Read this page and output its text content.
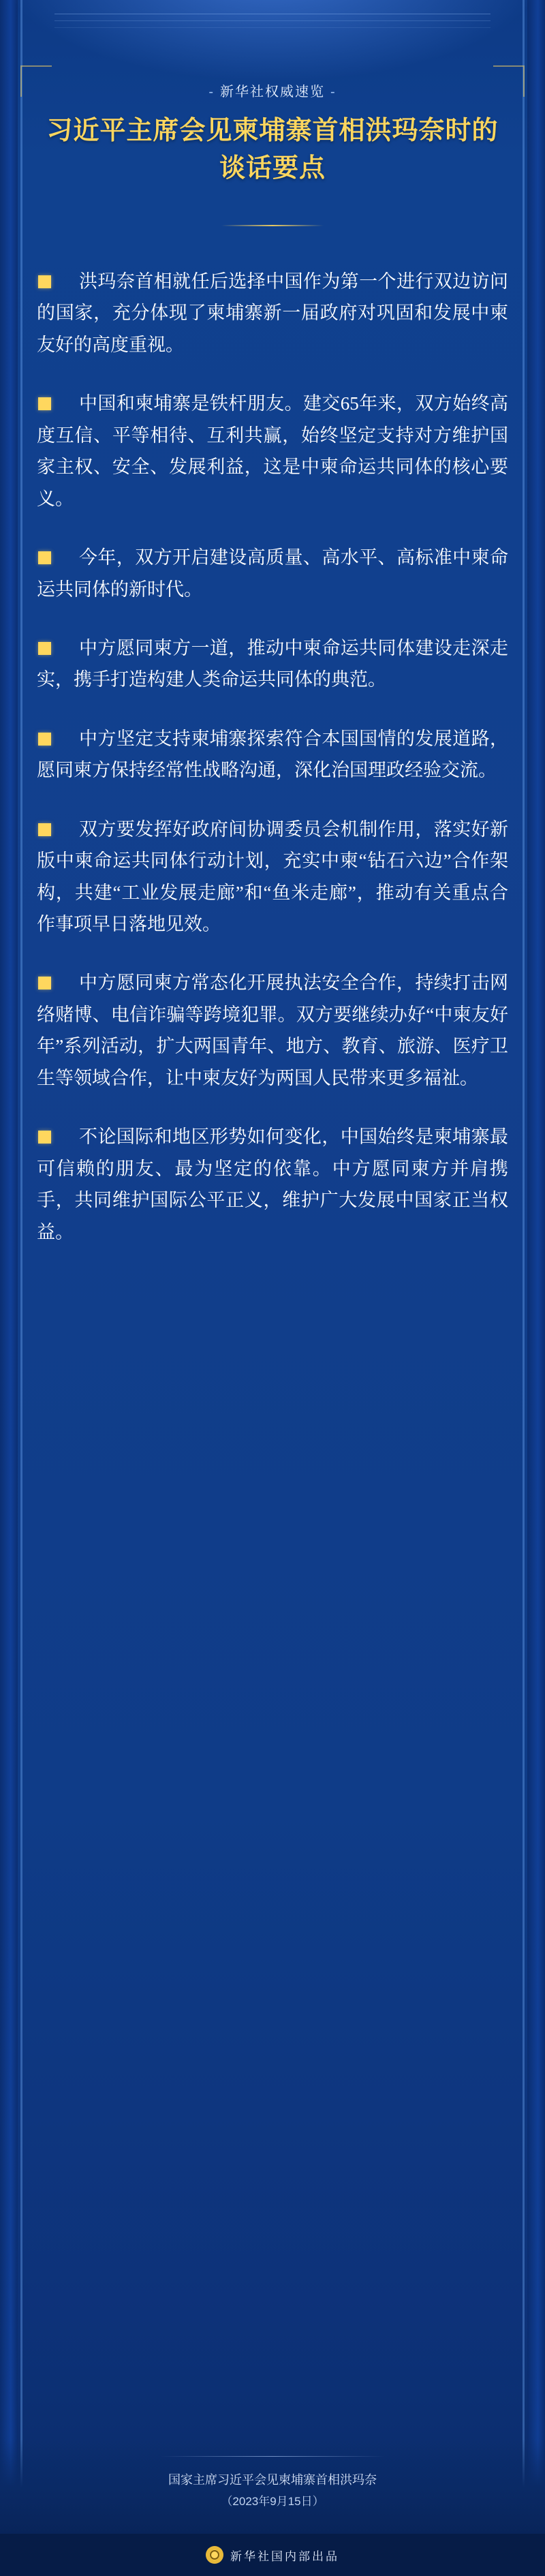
- 新华社权威速览 -
习近平主席会见柬埔寨首相洪玛奈时的
谈话要点
洪玛奈首相就任后选择中国作为第一个进行双边访问的国家，充分体现了柬埔寨新一届政府对巩固和发展中柬友好的高度重视。
中国和柬埔寨是铁杆朋友。建交65年来，双方始终高度互信、平等相待、互利共赢，始终坚定支持对方维护国家主权、安全、发展利益，这是中柬命运共同体的核心要义。
今年，双方开启建设高质量、高水平、高标准中柬命运共同体的新时代。
中方愿同柬方一道，推动中柬命运共同体建设走深走实，携手打造构建人类命运共同体的典范。
中方坚定支持柬埔寨探索符合本国国情的发展道路，愿同柬方保持经常性战略沟通，深化治国理政经验交流。
双方要发挥好政府间协调委员会机制作用，落实好新版中柬命运共同体行动计划，充实中柬“钻石六边”合作架构，共建“工业发展走廊”和“鱼米走廊”，推动有关重点合作事项早日落地见效。
中方愿同柬方常态化开展执法安全合作，持续打击网络赌博、电信诈骗等跨境犯罪。双方要继续办好“中柬友好年”系列活动，扩大两国青年、地方、教育、旅游、医疗卫生等领域合作，让中柬友好为两国人民带来更多福祉。
不论国际和地区形势如何变化，中国始终是柬埔寨最可信赖的朋友、最为坚定的依靠。中方愿同柬方并肩携手，共同维护国际公平正义，维护广大发展中国家正当权益。
国家主席习近平会见柬埔寨首相洪玛奈
（2023年9月15日）
新华社国内部出品
